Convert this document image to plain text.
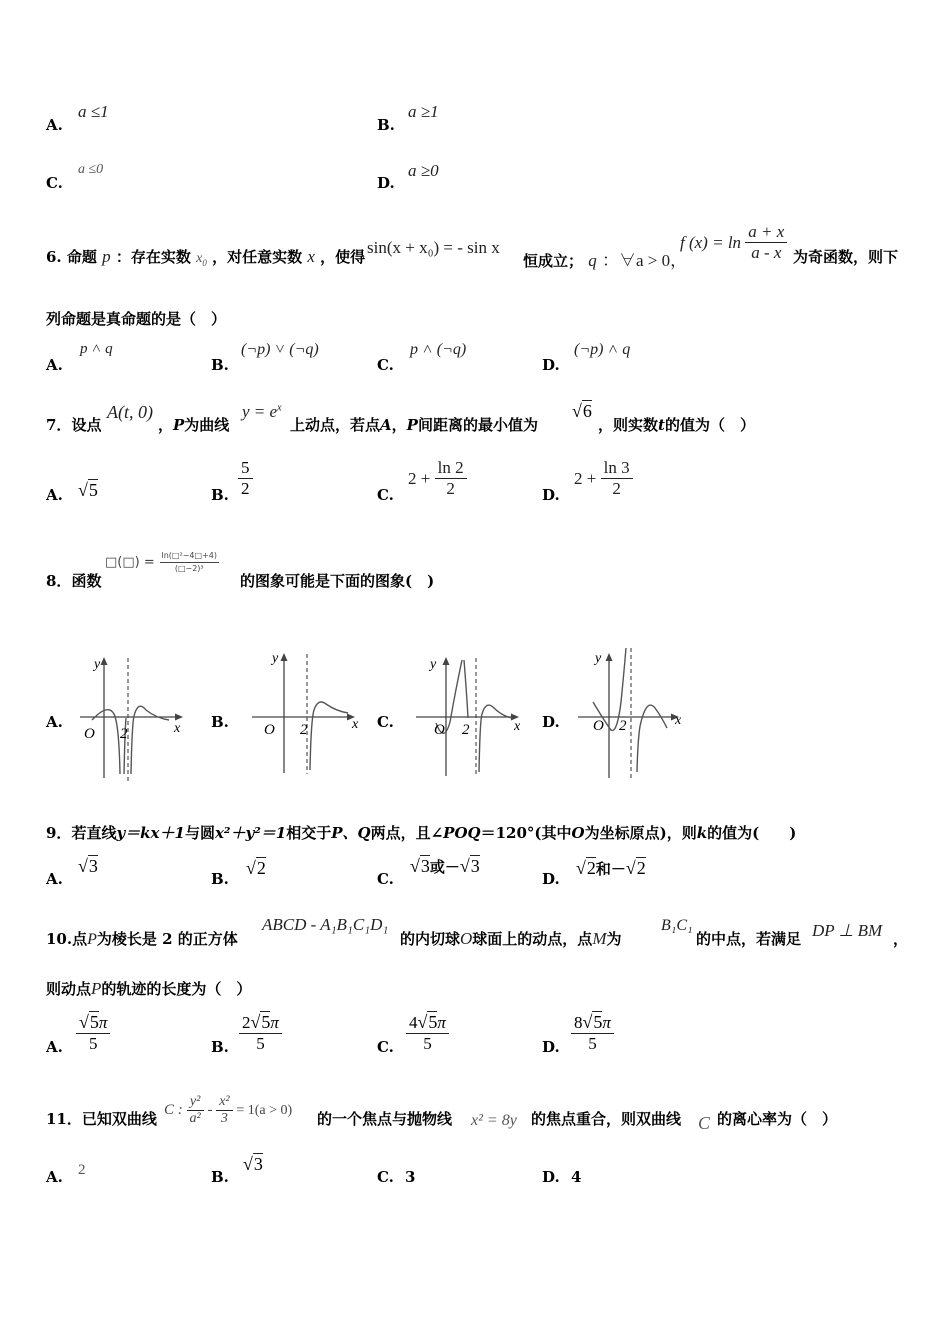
A.
a ≤1
B.
a ≥1
C.
a ≤0
D.
a ≥0
6. 命题 p ：存在实数 $x_0$ ，对任意实数 x ，使得 sin(x + x₀) = - sin x
恒成立； q ：∀a > 0，
f $(x) = \ln \frac{a + x}{a - x}$ 为奇函数，则下
列命题是真命题的是（　）
A.
p ˄ q
B.
(¬p) ˅ (¬q)
C.
p ˄ (¬q)
D.
(¬p) ˄ q
7．设点
A(t, 0)
，P为曲线
$y = e^x$
上动点，若点A，P间距离的最小值为
√6
，则实数t的值为（　）
A. √5	B. $\frac{5}{2}$	C.
$2 + \frac{\ln 2}{2}$	D.
$2 + \frac{\ln 3}{2}$
8．函数
□(□) = $\frac{\text{ln(□²−4□+4)}}{\text{(□−2)³}}$
的图象可能是下面的图象(　)
A.
y
O 2	x B.
y
O 2	x C.
y
O 2	x D.
y
O 2	x
9．若直线y＝kx＋1与圆x²＋y²＝1相交于P、Q两点，且∠POQ＝120°(其中O为坐标原点)，则k的值为(　　)
A.
√3
B.
√2
C.
√3或－√3
D.
√2和－√2
10.点P为棱长是 2 的正方体
ABCD - A₁B₁C₁D₁
的内切球O球面上的动点，点M为
B₁C₁
的中点，若满足 DP ⊥ BM ，
则动点P的轨迹的长度为（　）
A. $\frac{√5\pi}{5}$	B. $\frac{2√5\pi}{5}$	C. $\frac{4√5\pi}{5}$	D. $\frac{8√5\pi}{5}$
11．已知双曲线 C : $\frac{\text{y²}}{\text{a²}} - \frac{\text{x²}}{3} = 1(a > 0)$ 的一个焦点与抛物线 x² = 8y 的焦点重合，则双曲线 C 的离心率为（　）
A. 2	B.
√3
C. 3	D. 4
